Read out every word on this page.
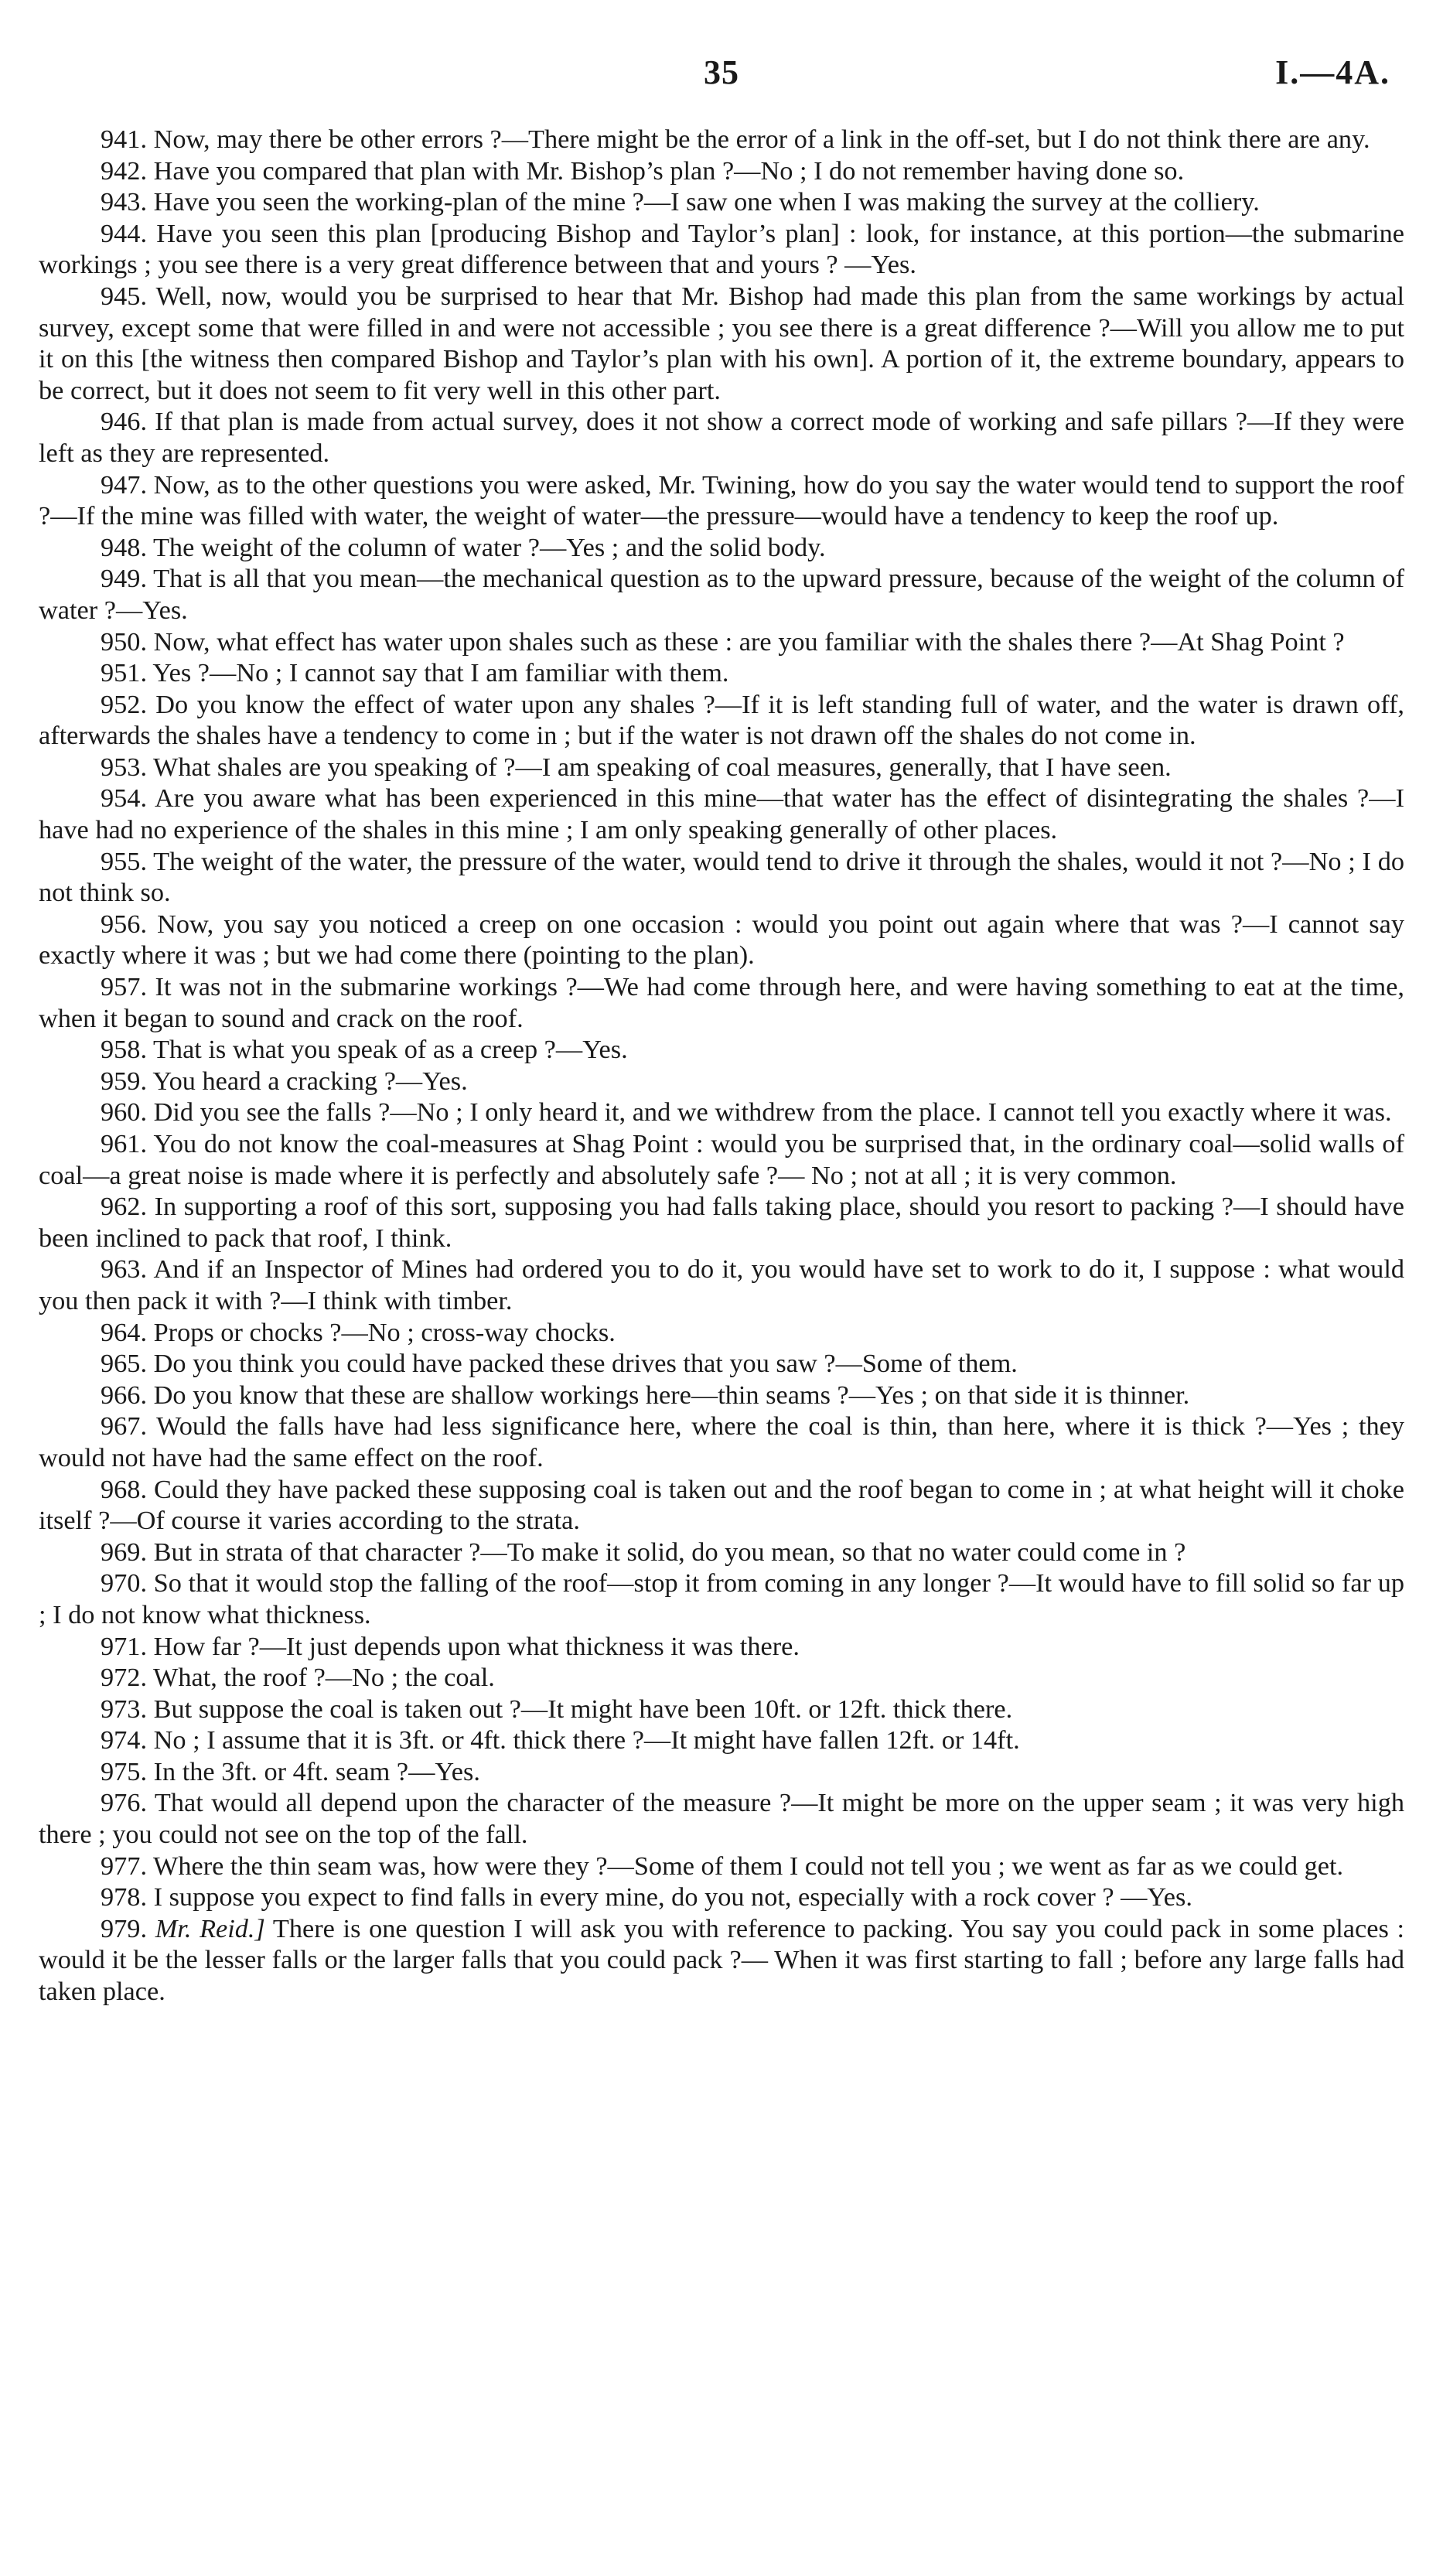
35	I.—4A.

941. Now, may there be other errors ?—There might be the error of a link in the off-set, but I do not think there are any.

942. Have you compared that plan with Mr. Bishop’s plan ?—No ; I do not remember having done so.

943. Have you seen the working-plan of the mine ?—I saw one when I was making the survey at the colliery.

944. Have you seen this plan [producing Bishop and Taylor’s plan] : look, for instance, at this portion—the submarine workings ; you see there is a very great difference between that and yours ? —Yes.

945. Well, now, would you be surprised to hear that Mr. Bishop had made this plan from the same workings by actual survey, except some that were filled in and were not accessible ; you see there is a great difference ?—Will you allow me to put it on this [the witness then compared Bishop and Taylor’s plan with his own]. A portion of it, the extreme boundary, appears to be correct, but it does not seem to fit very well in this other part.

946. If that plan is made from actual survey, does it not show a correct mode of working and safe pillars ?—If they were left as they are represented.

947. Now, as to the other questions you were asked, Mr. Twining, how do you say the water would tend to support the roof ?—If the mine was filled with water, the weight of water—the pressure—would have a tendency to keep the roof up.

948. The weight of the column of water ?—Yes ; and the solid body.

949. That is all that you mean—the mechanical question as to the upward pressure, because of the weight of the column of water ?—Yes.

950. Now, what effect has water upon shales such as these : are you familiar with the shales there ?—At Shag Point ?

951. Yes ?—No ; I cannot say that I am familiar with them.

952. Do you know the effect of water upon any shales ?—If it is left standing full of water, and the water is drawn off, afterwards the shales have a tendency to come in ; but if the water is not drawn off the shales do not come in.

953. What shales are you speaking of ?—I am speaking of coal measures, generally, that I have seen.

954. Are you aware what has been experienced in this mine—that water has the effect of disintegrating the shales ?—I have had no experience of the shales in this mine ; I am only speaking generally of other places.

955. The weight of the water, the pressure of the water, would tend to drive it through the shales, would it not ?—No ; I do not think so.

956. Now, you say you noticed a creep on one occasion : would you point out again where that was ?—I cannot say exactly where it was ; but we had come there (pointing to the plan).

957. It was not in the submarine workings ?—We had come through here, and were having something to eat at the time, when it began to sound and crack on the roof.

958. That is what you speak of as a creep ?—Yes.

959. You heard a cracking ?—Yes.

960. Did you see the falls ?—No ; I only heard it, and we withdrew from the place. I cannot tell you exactly where it was.

961. You do not know the coal-measures at Shag Point : would you be surprised that, in the ordinary coal—solid walls of coal—a great noise is made where it is perfectly and absolutely safe ?— No ; not at all ; it is very common.

962. In supporting a roof of this sort, supposing you had falls taking place, should you resort to packing ?—I should have been inclined to pack that roof, I think.

963. And if an Inspector of Mines had ordered you to do it, you would have set to work to do it, I suppose : what would you then pack it with ?—I think with timber.

964. Props or chocks ?—No ; cross-way chocks.

965. Do you think you could have packed these drives that you saw ?—Some of them.

966. Do you know that these are shallow workings here—thin seams ?—Yes ; on that side it is thinner.

967. Would the falls have had less significance here, where the coal is thin, than here, where it is thick ?—Yes ; they would not have had the same effect on the roof.

968. Could they have packed these supposing coal is taken out and the roof began to come in ; at what height will it choke itself ?—Of course it varies according to the strata.

969. But in strata of that character ?—To make it solid, do you mean, so that no water could come in ?

970. So that it would stop the falling of the roof—stop it from coming in any longer ?—It would have to fill solid so far up ; I do not know what thickness.

971. How far ?—It just depends upon what thickness it was there.

972. What, the roof ?—No ; the coal.

973. But suppose the coal is taken out ?—It might have been 10ft. or 12ft. thick there.

974. No ; I assume that it is 3ft. or 4ft. thick there ?—It might have fallen 12ft. or 14ft.

975. In the 3ft. or 4ft. seam ?—Yes.

976. That would all depend upon the character of the measure ?—It might be more on the upper seam ; it was very high there ; you could not see on the top of the fall.

977. Where the thin seam was, how were they ?—Some of them I could not tell you ; we went as far as we could get.

978. I suppose you expect to find falls in every mine, do you not, especially with a rock cover ? —Yes.

979. Mr. Reid.] There is one question I will ask you with reference to packing. You say you could pack in some places : would it be the lesser falls or the larger falls that you could pack ?— When it was first starting to fall ; before any large falls had taken place.
